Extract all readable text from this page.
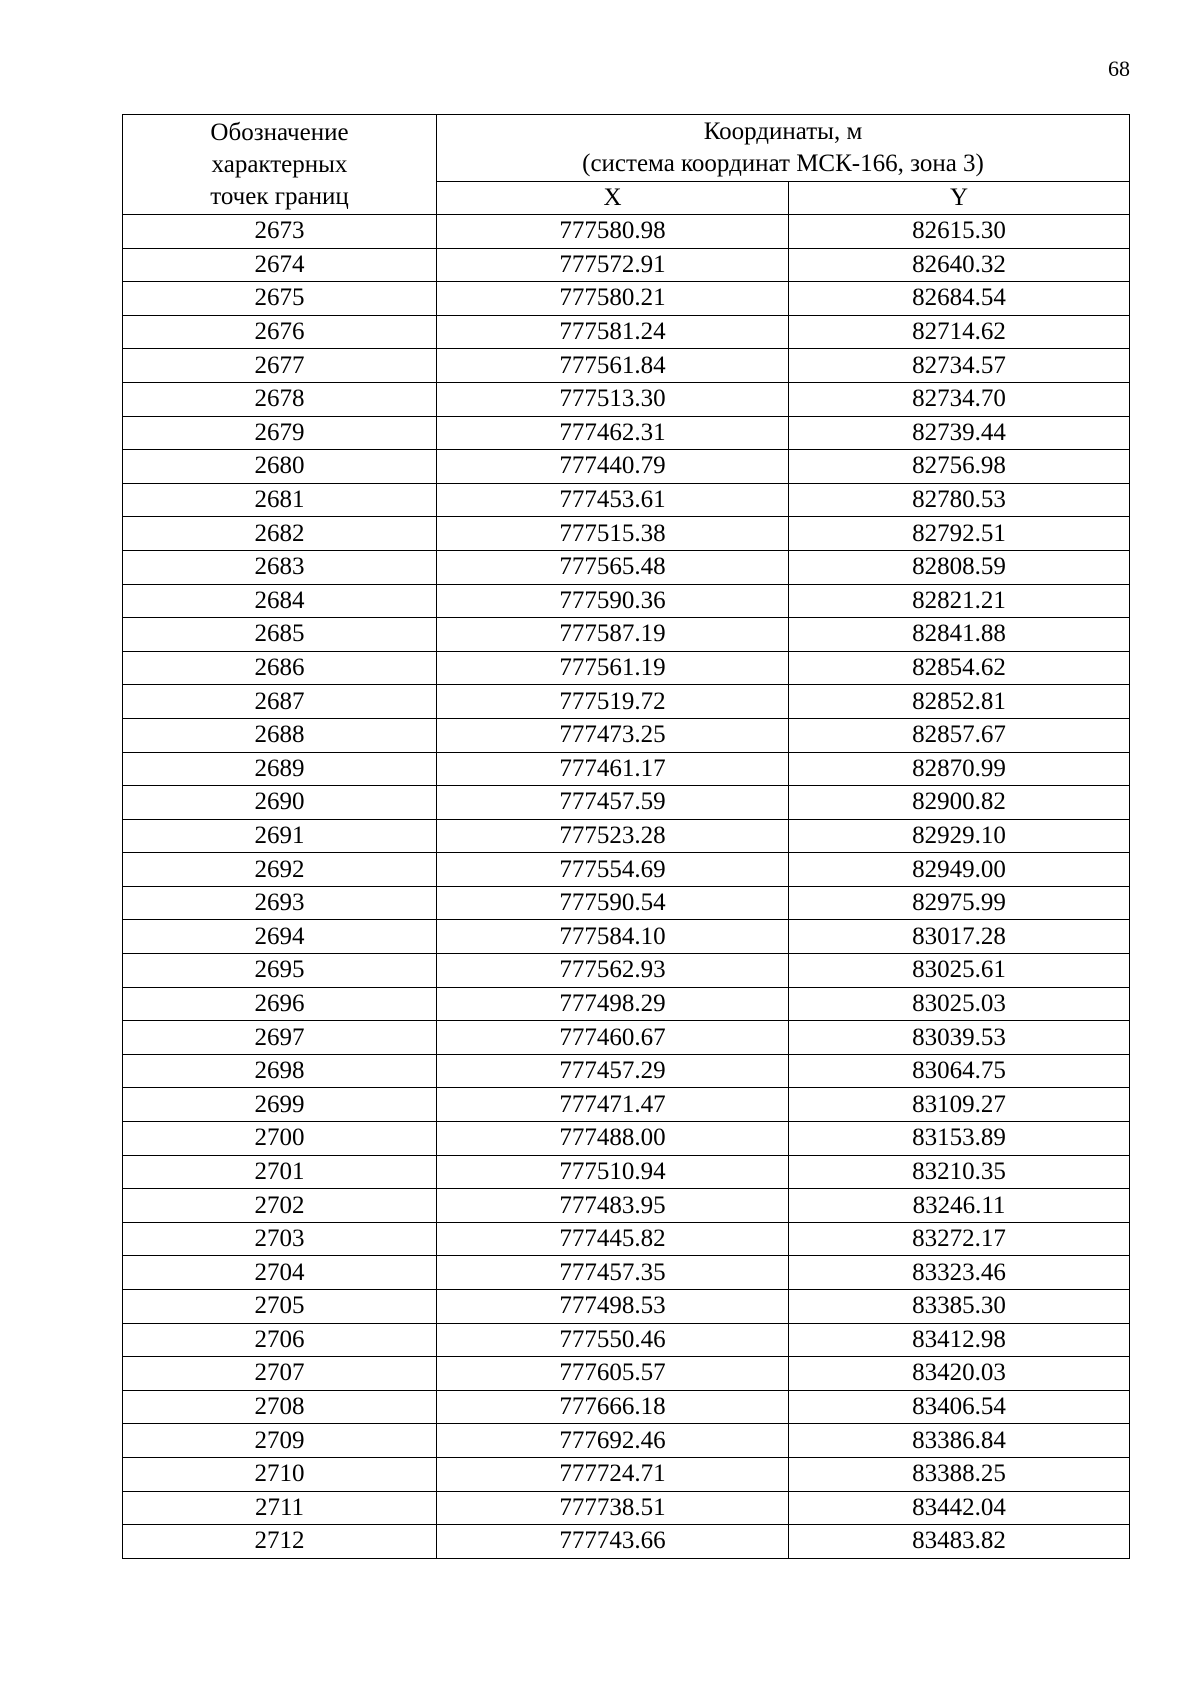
68
Обозначение
характерных
точек границ	Координаты, м
(система координат МСК-166, зона 3)	

	X	Y
2673	777580.98	82615.30
2674	777572.91	82640.32
2675	777580.21	82684.54
2676	777581.24	82714.62
2677	777561.84	82734.57
2678	777513.30	82734.70
2679	777462.31	82739.44
2680	777440.79	82756.98
2681	777453.61	82780.53
2682	777515.38	82792.51
2683	777565.48	82808.59
2684	777590.36	82821.21
2685	777587.19	82841.88
2686	777561.19	82854.62
2687	777519.72	82852.81
2688	777473.25	82857.67
2689	777461.17	82870.99
2690	777457.59	82900.82
2691	777523.28	82929.10
2692	777554.69	82949.00
2693	777590.54	82975.99
2694	777584.10	83017.28
2695	777562.93	83025.61
2696	777498.29	83025.03
2697	777460.67	83039.53
2698	777457.29	83064.75
2699	777471.47	83109.27
2700	777488.00	83153.89
2701	777510.94	83210.35
2702	777483.95	83246.11
2703	777445.82	83272.17
2704	777457.35	83323.46
2705	777498.53	83385.30
2706	777550.46	83412.98
2707	777605.57	83420.03
2708	777666.18	83406.54
2709	777692.46	83386.84
2710	777724.71	83388.25
2711	777738.51	83442.04
2712	777743.66	83483.82
